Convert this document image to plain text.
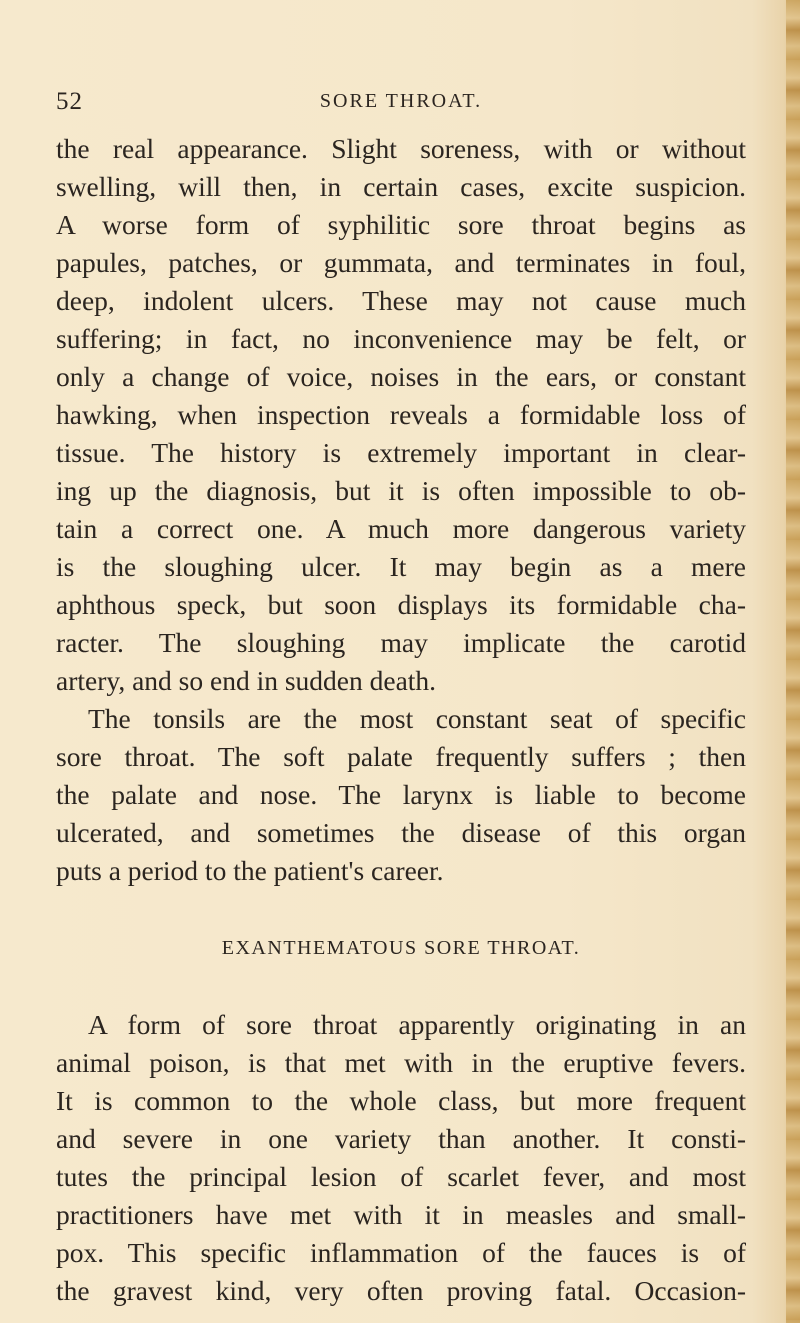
52	SORE THROAT.
the real appearance. Slight soreness, with or without
swelling, will then, in certain cases, excite suspicion.
A worse form of syphilitic sore throat begins as
papules, patches, or gummata, and terminates in foul,
deep, indolent ulcers. These may not cause much
suffering; in fact, no inconvenience may be felt, or
only a change of voice, noises in the ears, or constant
hawking, when inspection reveals a formidable loss of
tissue. The history is extremely important in clear-
ing up the diagnosis, but it is often impossible to ob-
tain a correct one. A much more dangerous variety
is the sloughing ulcer. It may begin as a mere
aphthous speck, but soon displays its formidable cha-
racter. The sloughing may implicate the carotid
artery, and so end in sudden death.
The tonsils are the most constant seat of specific
sore throat. The soft palate frequently suffers ; then
the palate and nose. The larynx is liable to become
ulcerated, and sometimes the disease of this organ
puts a period to the patient's career.
EXANTHEMATOUS SORE THROAT.
A form of sore throat apparently originating in an
animal poison, is that met with in the eruptive fevers.
It is common to the whole class, but more frequent
and severe in one variety than another. It consti-
tutes the principal lesion of scarlet fever, and most
practitioners have met with it in measles and small-
pox. This specific inflammation of the fauces is of
the gravest kind, very often proving fatal. Occasion-
